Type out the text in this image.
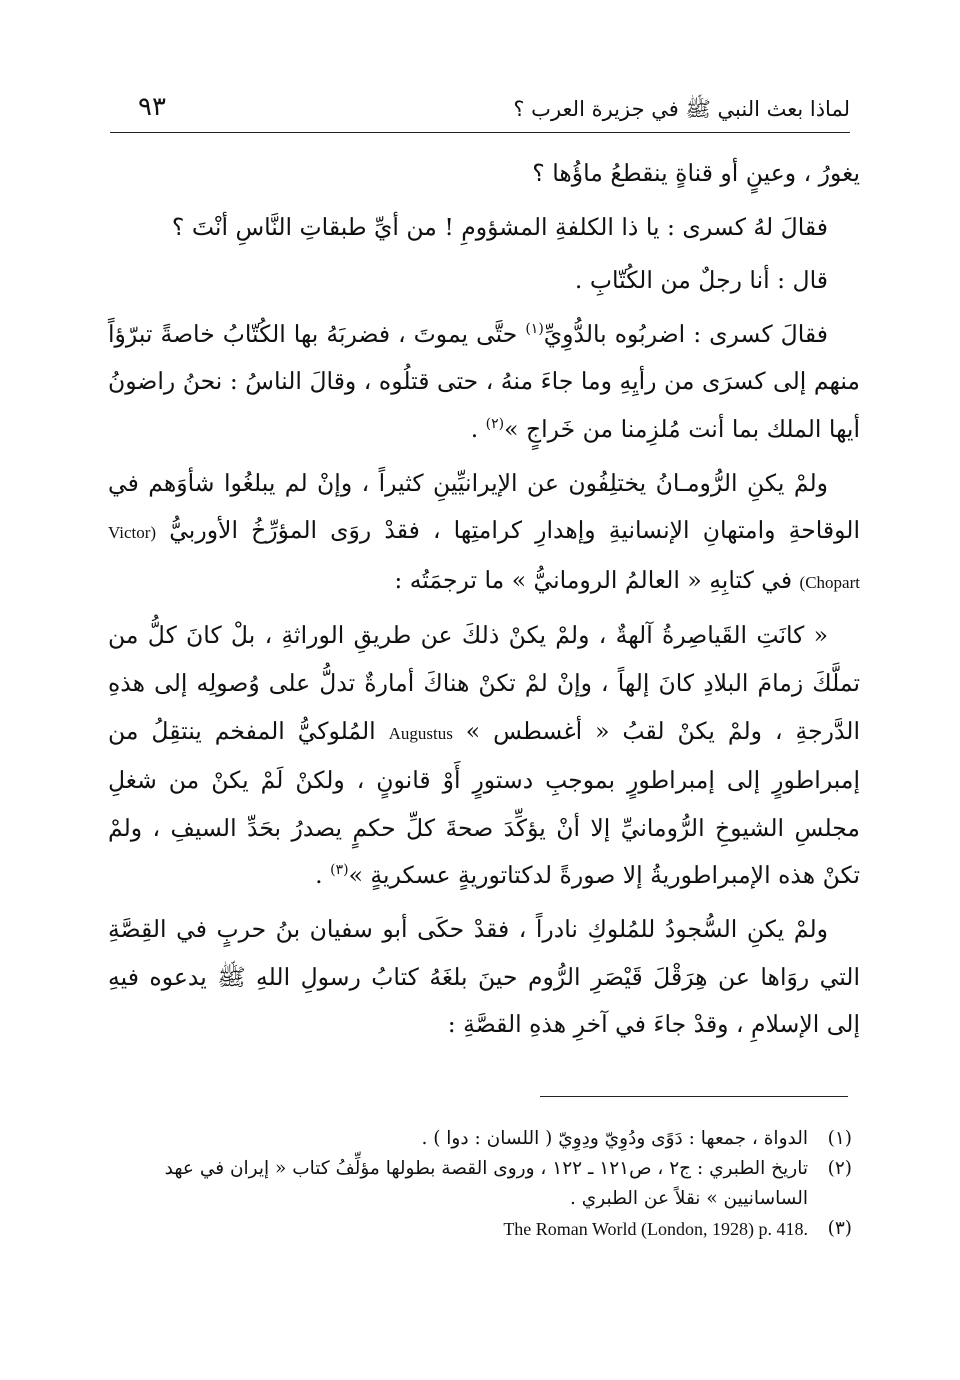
٩٣	لماذا بعث النبي ﷺ في جزيرة العرب ؟

يغورُ ، وعينٍ أو قناةٍ ينقطعُ ماؤُها ؟

فقالَ لهُ كسرى : يا ذا الكلفةِ المشؤومِ ! من أيِّ طبقاتِ النَّاسِ أنْتَ ؟

قال : أنا رجلٌ من الكُتّابِ .

فقالَ كسرى : اضربُوه بالدُّوِيِّ$^{(١)}$ حتَّى يموتَ ، فضربَهُ بها الكُتّابُ خاصةً تبرّؤاً منهم إلى كسرَى من رأيِهِ وما جاءَ منهُ ، حتى قتلُوه ، وقالَ الناسُ : نحنُ راضونُ أيها الملك بما أنت مُلزِمنا من خَراجٍ »$^{(٢)}$ .

ولمْ يكنِ الرُّومـانُ يختلِفُون عن الإيرانيِّينِ كثيراً ، وإنْ لم يبلغُوا شأوَهم في الوقاحةِ وامتهانِ الإنسانيةِ وإهدارِ كرامتِها ، فقدْ روَى المؤرِّخُ الأوربيُّ (Victor Chopart) في كتابِهِ « العالمُ الرومانيُّ » ما ترجمَتُه :

« كانَتِ القَياصِرةُ آلهةٌ ، ولمْ يكنْ ذلكَ عن طريقِ الوراثةِ ، بلْ كانَ كلُّ من تملَّكَ زمامَ البلادِ كانَ إلهاً ، وإنْ لمْ تكنْ هناكَ أمارةٌ تدلُّ على وُصولِه إلى هذهِ الدَّرجةِ ، ولمْ يكنْ لقبُ « أغسطس » Augustus المُلوكيُّ المفخم ينتقِلُ من إمبراطورٍ إلى إمبراطورٍ بموجبِ دستورٍ أَوْ قانونٍ ، ولكنْ لَمْ يكنْ من شغلِ مجلسِ الشيوخِ الرُّومانيِّ إلا أنْ يؤكِّدَ صحةَ كلِّ حكمٍ يصدرُ بحَدِّ السيفِ ، ولمْ تكنْ هذه الإمبراطوريةُ إلا صورةً لدكتاتوريةٍ عسكريةٍ »$^{(٣)}$ .

ولمْ يكنِ السُّجودُ للمُلوكِ نادراً ، فقدْ حكَى أبو سفيان بنُ حربٍ في القِصَّةِ التي روَاها عن هِرَقْلَ قَيْصَرِ الرُّوم حينَ بلغَهُ كتابُ رسولِ اللهِ ﷺ يدعوه فيهِ إلى الإسلامِ ، وقدْ جاءَ في آخرِ هذهِ القصَّةِ :

(١)
الدواة ، جمعها : دَوًى ودُوِيّ ودِوِيّ ( اللسان : دوا ) .
(٢)
تاريخ الطبري : ج٢ ، ص١٢١ ـ ١٢٢ ، وروى القصة بطولها مؤلِّفُ كتاب « إيران في عهد الساسانيين » نقلاً عن الطبري .
(٣)
The Roman World (London, 1928) p. 418.
